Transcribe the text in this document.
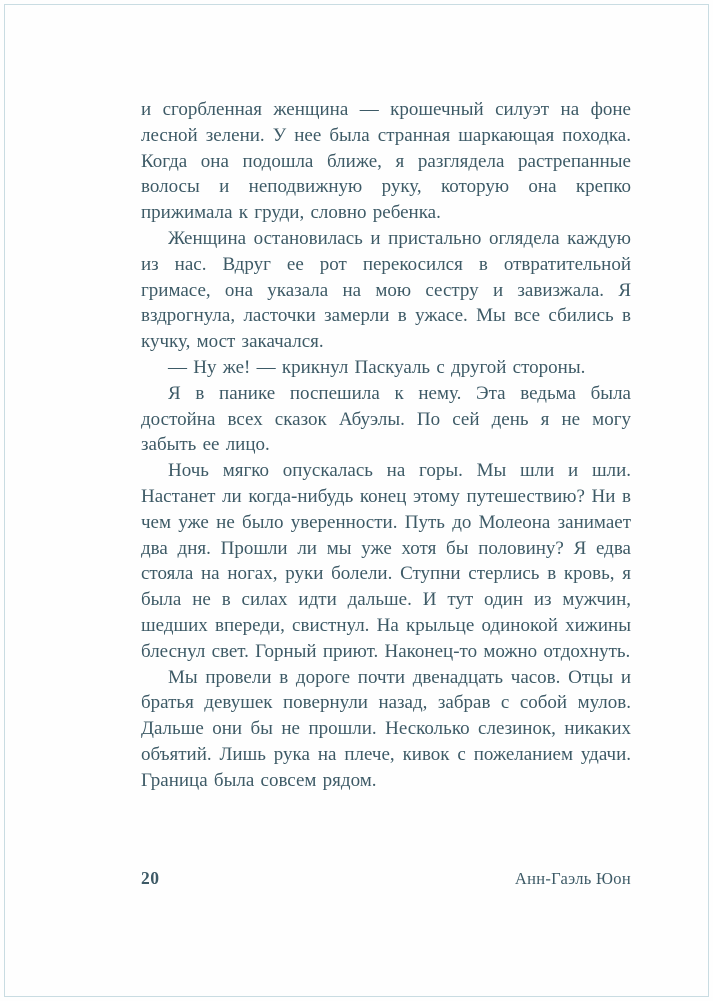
и сгорбленная женщина — крошечный силуэт на фоне лесной зелени. У нее была странная шаркающая походка. Когда она подошла ближе, я разглядела растрепанные волосы и неподвижную руку, которую она крепко прижимала к груди, словно ребенка.

Женщина остановилась и пристально оглядела каждую из нас. Вдруг ее рот перекосился в отвратительной гримасе, она указала на мою сестру и завизжала. Я вздрогнула, ласточки замерли в ужасе. Мы все сбились в кучку, мост закачался.

— Ну же! — крикнул Паскуаль с другой стороны.

Я в панике поспешила к нему. Эта ведьма была достойна всех сказок Абуэлы. По сей день я не могу забыть ее лицо.

Ночь мягко опускалась на горы. Мы шли и шли. Настанет ли когда-нибудь конец этому путешествию? Ни в чем уже не было уверенности. Путь до Молеона занимает два дня. Прошли ли мы уже хотя бы половину? Я едва стояла на ногах, руки болели. Ступни стерлись в кровь, я была не в силах идти дальше. И тут один из мужчин, шедших впереди, свистнул. На крыльце одинокой хижины блеснул свет. Горный приют. Наконец-то можно отдохнуть.

Мы провели в дороге почти двенадцать часов. Отцы и братья девушек повернули назад, забрав с собой мулов. Дальше они бы не прошли. Несколько слезинок, никаких объятий. Лишь рука на плече, кивок с пожеланием удачи. Граница была совсем рядом.

20	Анн-Гаэль Юон
